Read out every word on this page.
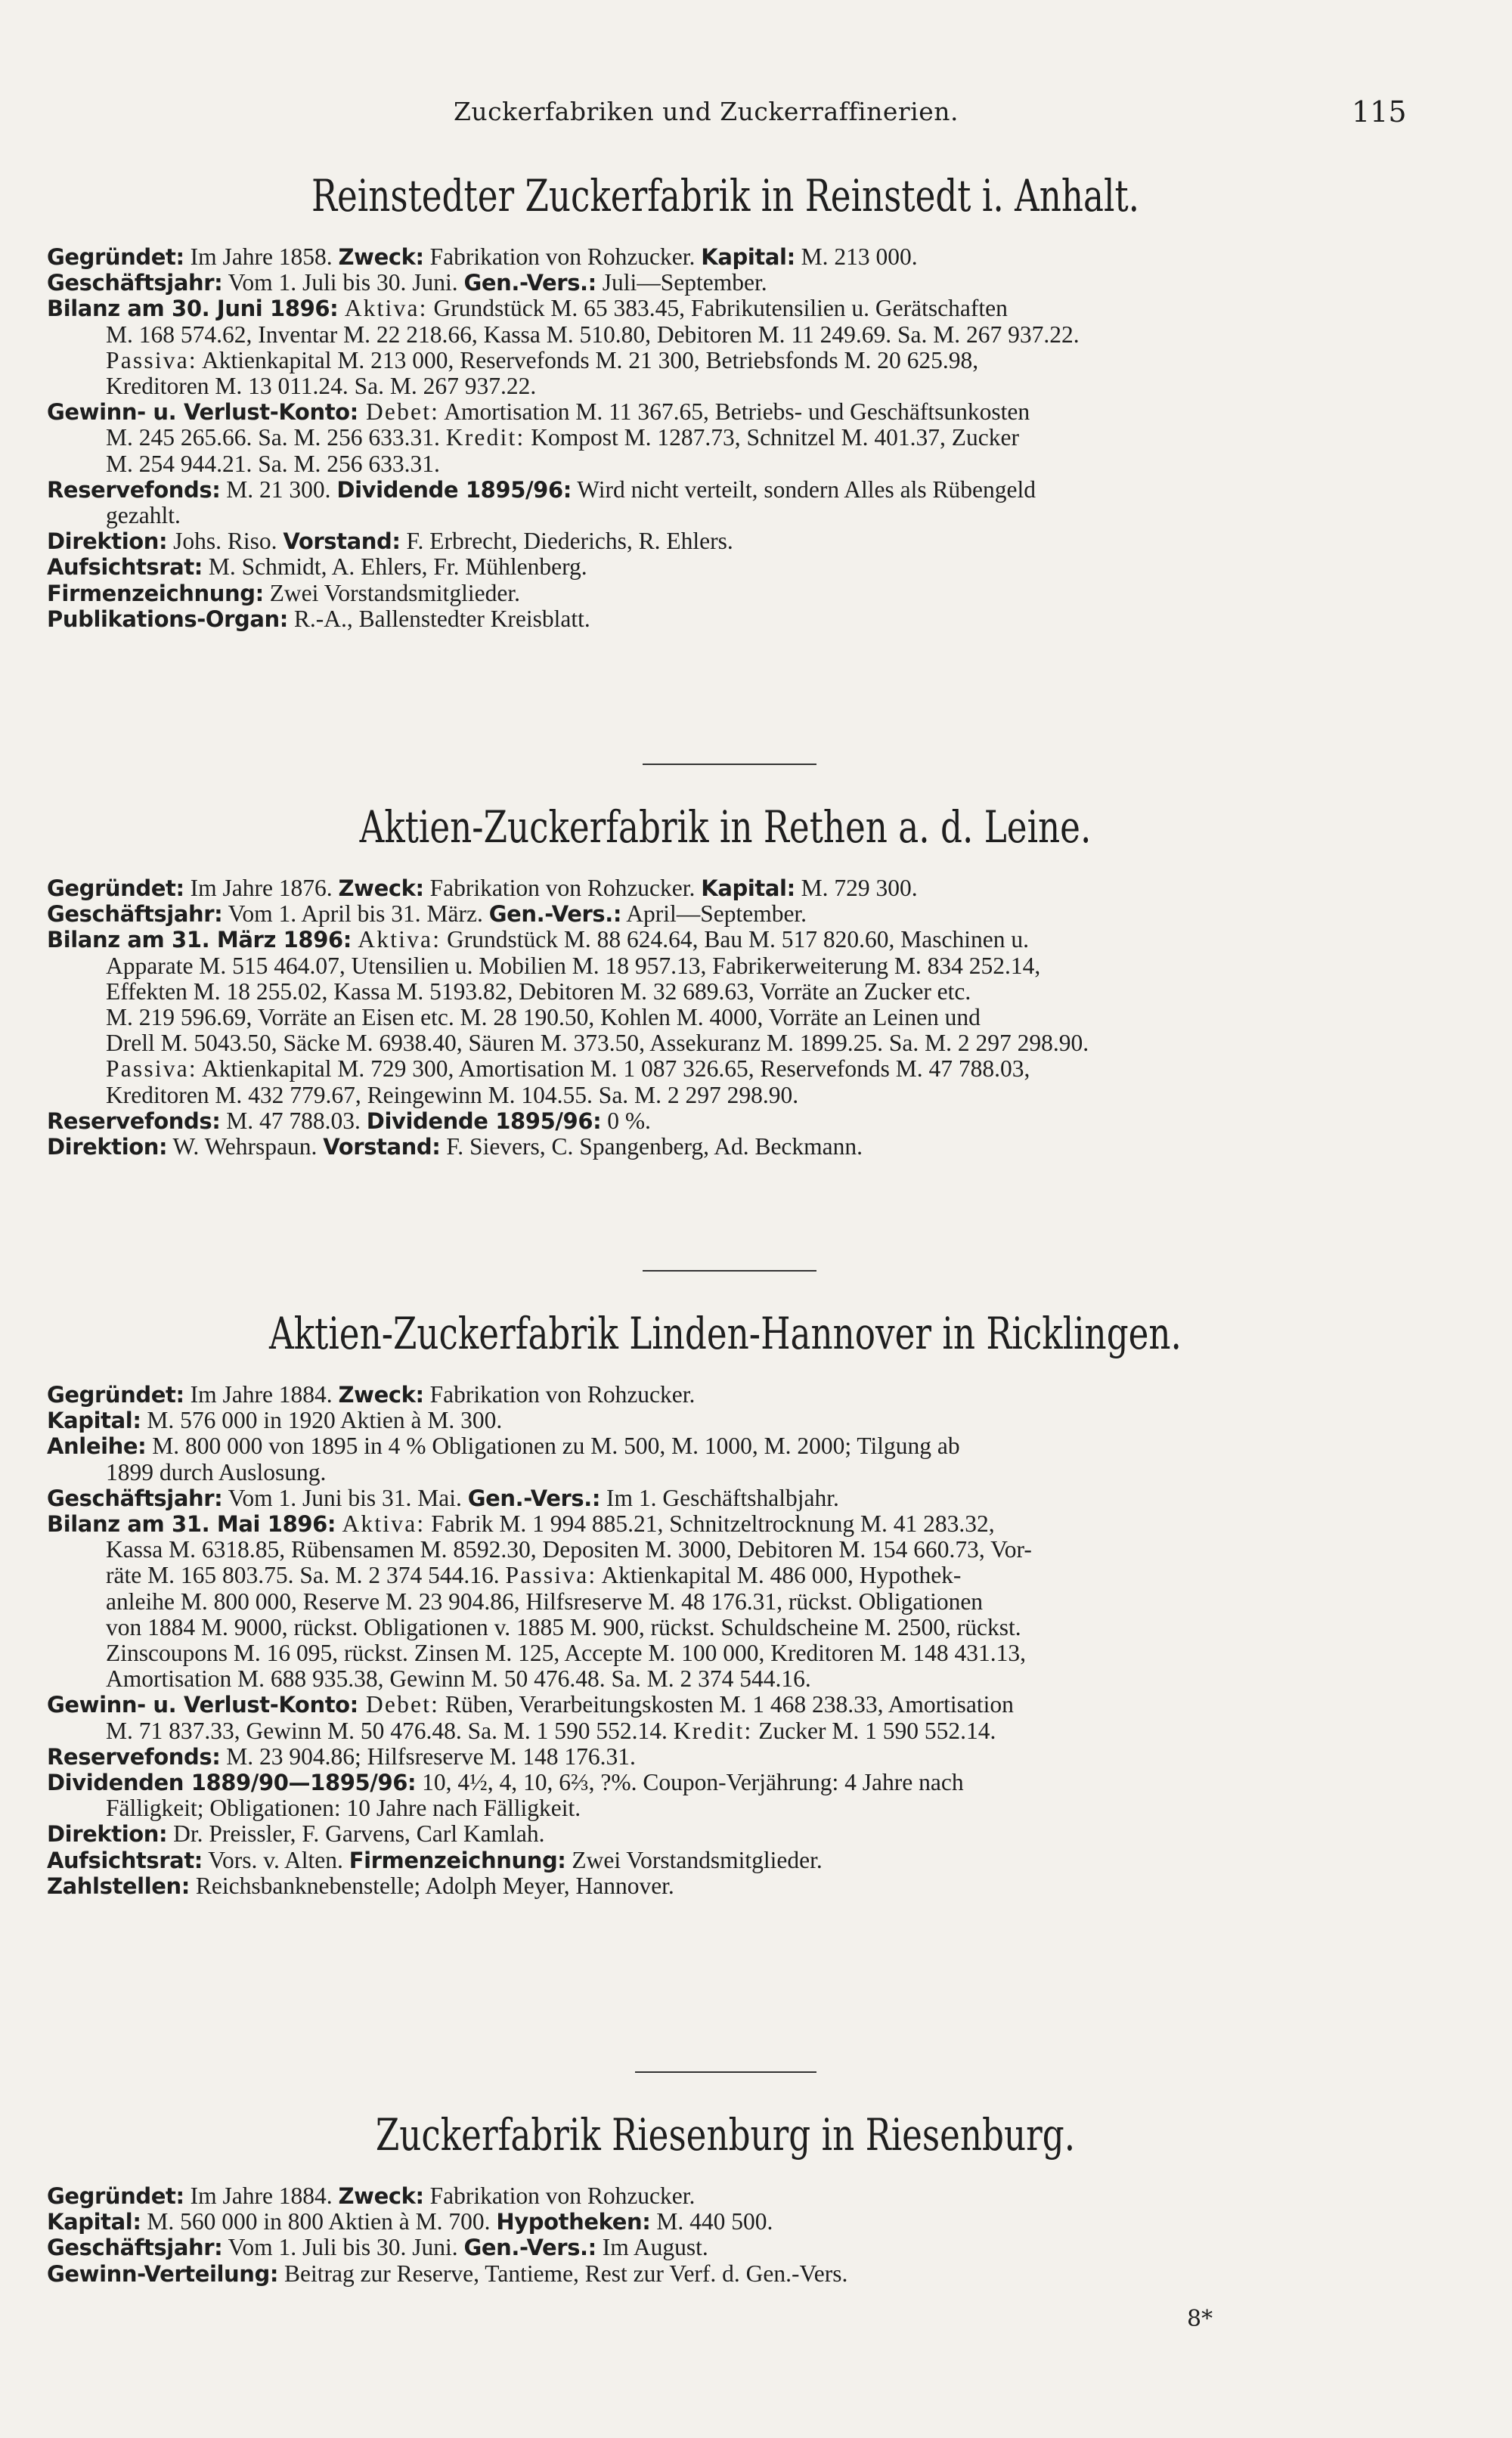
Zuckerfabriken und Zuckerraffinerien.	115
Reinstedter Zuckerfabrik in Reinstedt i. Anhalt.
Gegründet: Im Jahre 1858. Zweck: Fabrikation von Rohzucker. Kapital: M. 213 000.
Geschäftsjahr: Vom 1. Juli bis 30. Juni. Gen.-Vers.: Juli—September.
Bilanz am 30. Juni 1896: Aktiva: Grundstück M. 65 383.45, Fabrikutensilien u. Gerätschaften
M. 168 574.62, Inventar M. 22 218.66, Kassa M. 510.80, Debitoren M. 11 249.69. Sa. M. 267 937.22.
Passiva: Aktienkapital M. 213 000, Reservefonds M. 21 300, Betriebsfonds M. 20 625.98,
Kreditoren M. 13 011.24. Sa. M. 267 937.22.
Gewinn- u. Verlust-Konto: Debet: Amortisation M. 11 367.65, Betriebs- und Geschäftsunkosten
M. 245 265.66. Sa. M. 256 633.31. Kredit: Kompost M. 1287.73, Schnitzel M. 401.37, Zucker
M. 254 944.21. Sa. M. 256 633.31.
Reservefonds: M. 21 300. Dividende 1895/96: Wird nicht verteilt, sondern Alles als Rübengeld
gezahlt.
Direktion: Johs. Riso. Vorstand: F. Erbrecht, Diederichs, R. Ehlers.
Aufsichtsrat: M. Schmidt, A. Ehlers, Fr. Mühlenberg.
Firmenzeichnung: Zwei Vorstandsmitglieder.
Publikations-Organ: R.-A., Ballenstedter Kreisblatt.
Aktien-Zuckerfabrik in Rethen a. d. Leine.
Gegründet: Im Jahre 1876. Zweck: Fabrikation von Rohzucker. Kapital: M. 729 300.
Geschäftsjahr: Vom 1. April bis 31. März. Gen.-Vers.: April—September.
Bilanz am 31. März 1896: Aktiva: Grundstück M. 88 624.64, Bau M. 517 820.60, Maschinen u.
Apparate M. 515 464.07, Utensilien u. Mobilien M. 18 957.13, Fabrikerweiterung M. 834 252.14,
Effekten M. 18 255.02, Kassa M. 5193.82, Debitoren M. 32 689.63, Vorräte an Zucker etc.
M. 219 596.69, Vorräte an Eisen etc. M. 28 190.50, Kohlen M. 4000, Vorräte an Leinen und
Drell M. 5043.50, Säcke M. 6938.40, Säuren M. 373.50, Assekuranz M. 1899.25. Sa. M. 2 297 298.90.
Passiva: Aktienkapital M. 729 300, Amortisation M. 1 087 326.65, Reservefonds M. 47 788.03,
Kreditoren M. 432 779.67, Reingewinn M. 104.55. Sa. M. 2 297 298.90.
Reservefonds: M. 47 788.03. Dividende 1895/96: 0 %.
Direktion: W. Wehrspaun. Vorstand: F. Sievers, C. Spangenberg, Ad. Beckmann.
Aktien-Zuckerfabrik Linden-Hannover in Ricklingen.
Gegründet: Im Jahre 1884. Zweck: Fabrikation von Rohzucker.
Kapital: M. 576 000 in 1920 Aktien à M. 300.
Anleihe: M. 800 000 von 1895 in 4 % Obligationen zu M. 500, M. 1000, M. 2000; Tilgung ab
1899 durch Auslosung.
Geschäftsjahr: Vom 1. Juni bis 31. Mai. Gen.-Vers.: Im 1. Geschäftshalbjahr.
Bilanz am 31. Mai 1896: Aktiva: Fabrik M. 1 994 885.21, Schnitzeltrocknung M. 41 283.32,
Kassa M. 6318.85, Rübensamen M. 8592.30, Depositen M. 3000, Debitoren M. 154 660.73, Vor-
räte M. 165 803.75. Sa. M. 2 374 544.16. Passiva: Aktienkapital M. 486 000, Hypothek-
anleihe M. 800 000, Reserve M. 23 904.86, Hilfsreserve M. 48 176.31, rückst. Obligationen
von 1884 M. 9000, rückst. Obligationen v. 1885 M. 900, rückst. Schuldscheine M. 2500, rückst.
Zinscoupons M. 16 095, rückst. Zinsen M. 125, Accepte M. 100 000, Kreditoren M. 148 431.13,
Amortisation M. 688 935.38, Gewinn M. 50 476.48. Sa. M. 2 374 544.16.
Gewinn- u. Verlust-Konto: Debet: Rüben, Verarbeitungskosten M. 1 468 238.33, Amortisation
M. 71 837.33, Gewinn M. 50 476.48. Sa. M. 1 590 552.14. Kredit: Zucker M. 1 590 552.14.
Reservefonds: M. 23 904.86; Hilfsreserve M. 148 176.31.
Dividenden 1889/90—1895/96: 10, 4½, 4, 10, 6⅔, ?%. Coupon-Verjährung: 4 Jahre nach
Fälligkeit; Obligationen: 10 Jahre nach Fälligkeit.
Direktion: Dr. Preissler, F. Garvens, Carl Kamlah.
Aufsichtsrat: Vors. v. Alten. Firmenzeichnung: Zwei Vorstandsmitglieder.
Zahlstellen: Reichsbanknebenstelle; Adolph Meyer, Hannover.
Zuckerfabrik Riesenburg in Riesenburg.
Gegründet: Im Jahre 1884. Zweck: Fabrikation von Rohzucker.
Kapital: M. 560 000 in 800 Aktien à M. 700. Hypotheken: M. 440 500.
Geschäftsjahr: Vom 1. Juli bis 30. Juni. Gen.-Vers.: Im August.
Gewinn-Verteilung: Beitrag zur Reserve, Tantieme, Rest zur Verf. d. Gen.-Vers.
8*
